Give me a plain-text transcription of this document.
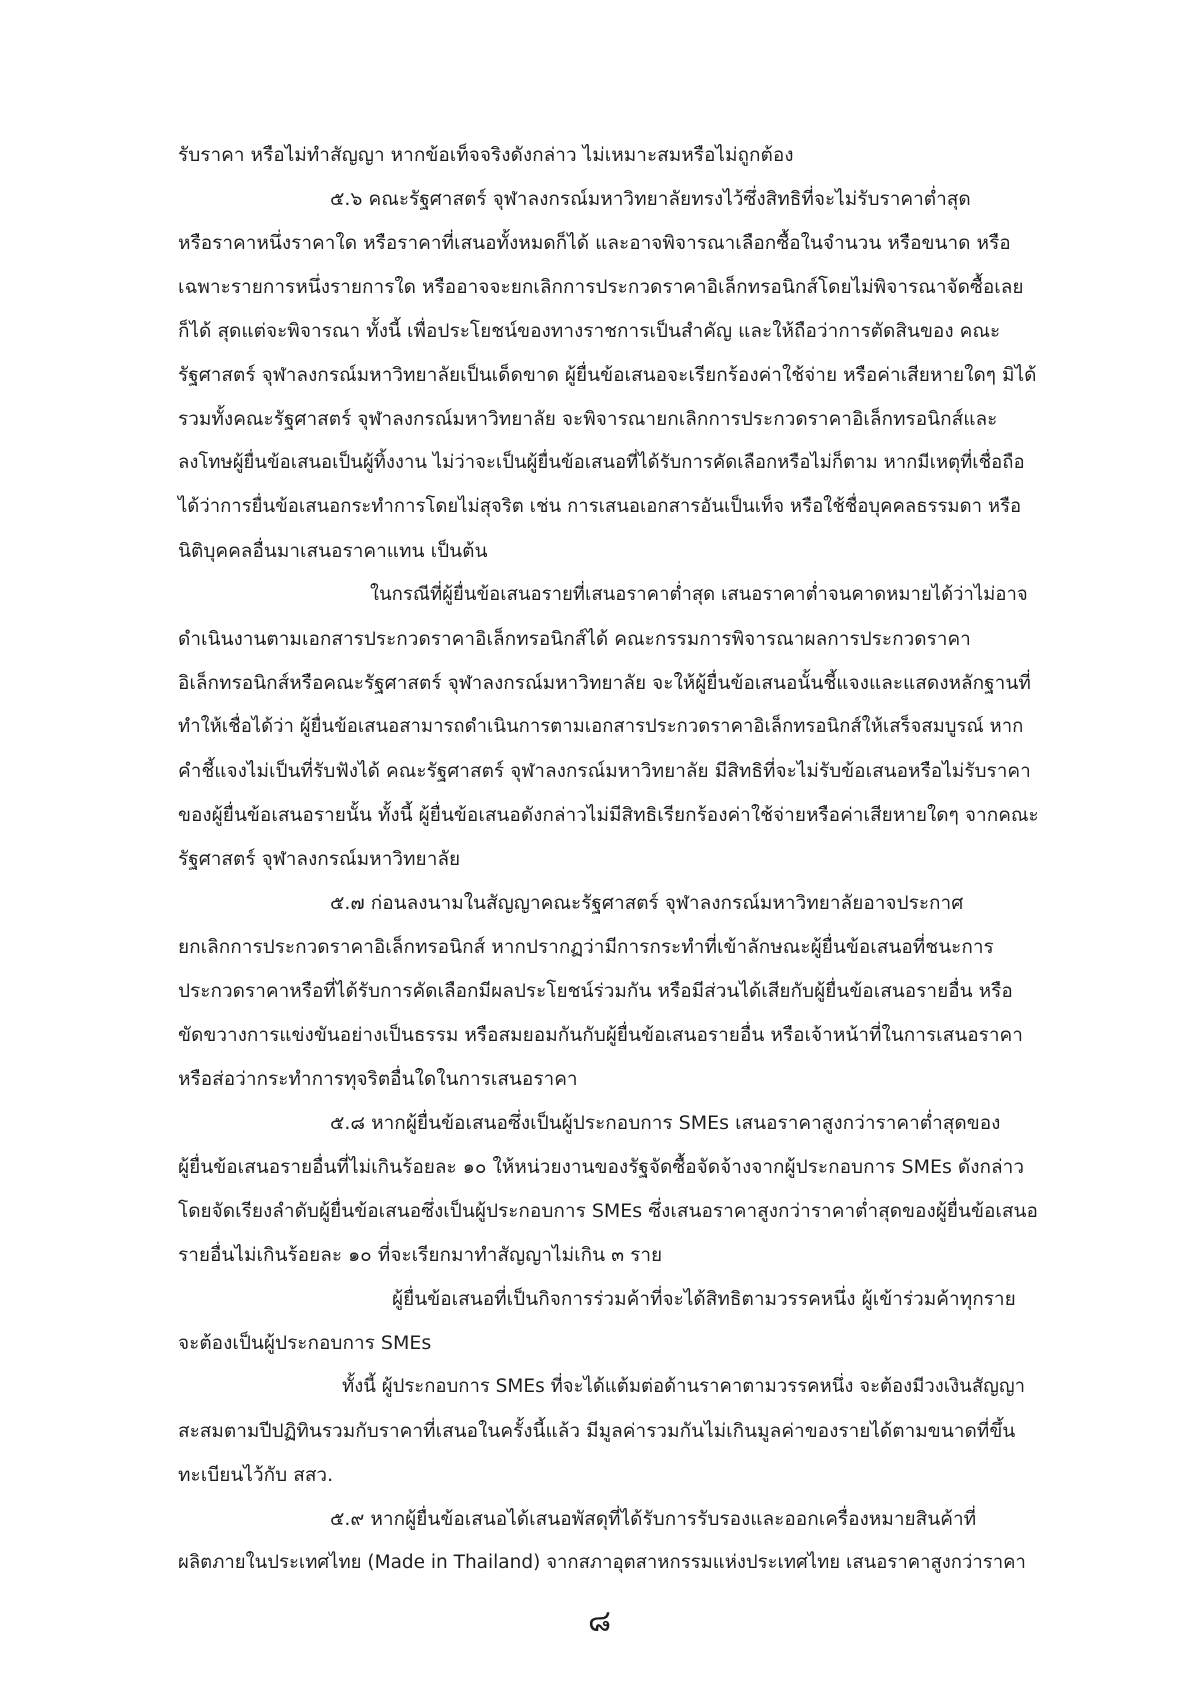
รับราคา หรือไม่ทำสัญญา หากข้อเท็จจริงดังกล่าว ไม่เหมาะสมหรือไม่ถูกต้อง
๕.๖ คณะรัฐศาสตร์ จุฬาลงกรณ์มหาวิทยาลัยทรงไว้ซึ่งสิทธิที่จะไม่รับราคาต่ำสุด
หรือราคาหนึ่งราคาใด หรือราคาที่เสนอทั้งหมดก็ได้ และอาจพิจารณาเลือกซื้อในจำนวน หรือขนาด หรือ
เฉพาะรายการหนึ่งรายการใด หรืออาจจะยกเลิกการประกวดราคาอิเล็กทรอนิกส์โดยไม่พิจารณาจัดซื้อเลย
ก็ได้ สุดแต่จะพิจารณา ทั้งนี้ เพื่อประโยชน์ของทางราชการเป็นสำคัญ และให้ถือว่าการตัดสินของ คณะ
รัฐศาสตร์ จุฬาลงกรณ์มหาวิทยาลัยเป็นเด็ดขาด ผู้ยื่นข้อเสนอจะเรียกร้องค่าใช้จ่าย หรือค่าเสียหายใดๆ มิได้
รวมทั้งคณะรัฐศาสตร์ จุฬาลงกรณ์มหาวิทยาลัย จะพิจารณายกเลิกการประกวดราคาอิเล็กทรอนิกส์และ
ลงโทษผู้ยื่นข้อเสนอเป็นผู้ทิ้งงาน ไม่ว่าจะเป็นผู้ยื่นข้อเสนอที่ได้รับการคัดเลือกหรือไม่ก็ตาม หากมีเหตุที่เชื่อถือ
ได้ว่าการยื่นข้อเสนอกระทำการโดยไม่สุจริต เช่น การเสนอเอกสารอันเป็นเท็จ หรือใช้ชื่อบุคคลธรรมดา หรือ
นิติบุคคลอื่นมาเสนอราคาแทน เป็นต้น
ในกรณีที่ผู้ยื่นข้อเสนอรายที่เสนอราคาต่ำสุด เสนอราคาต่ำจนคาดหมายได้ว่าไม่อาจ
ดำเนินงานตามเอกสารประกวดราคาอิเล็กทรอนิกส์ได้ คณะกรรมการพิจารณาผลการประกวดราคา
อิเล็กทรอนิกส์หรือคณะรัฐศาสตร์ จุฬาลงกรณ์มหาวิทยาลัย จะให้ผู้ยื่นข้อเสนอนั้นชี้แจงและแสดงหลักฐานที่
ทำให้เชื่อได้ว่า ผู้ยื่นข้อเสนอสามารถดำเนินการตามเอกสารประกวดราคาอิเล็กทรอนิกส์ให้เสร็จสมบูรณ์ หาก
คำชี้แจงไม่เป็นที่รับฟังได้ คณะรัฐศาสตร์ จุฬาลงกรณ์มหาวิทยาลัย มีสิทธิที่จะไม่รับข้อเสนอหรือไม่รับราคา
ของผู้ยื่นข้อเสนอรายนั้น ทั้งนี้ ผู้ยื่นข้อเสนอดังกล่าวไม่มีสิทธิเรียกร้องค่าใช้จ่ายหรือค่าเสียหายใดๆ จากคณะ
รัฐศาสตร์ จุฬาลงกรณ์มหาวิทยาลัย
๕.๗ ก่อนลงนามในสัญญาคณะรัฐศาสตร์ จุฬาลงกรณ์มหาวิทยาลัยอาจประกาศ
ยกเลิกการประกวดราคาอิเล็กทรอนิกส์ หากปรากฏว่ามีการกระทำที่เข้าลักษณะผู้ยื่นข้อเสนอที่ชนะการ
ประกวดราคาหรือที่ได้รับการคัดเลือกมีผลประโยชน์ร่วมกัน หรือมีส่วนได้เสียกับผู้ยื่นข้อเสนอรายอื่น หรือ
ขัดขวางการแข่งขันอย่างเป็นธรรม หรือสมยอมกันกับผู้ยื่นข้อเสนอรายอื่น หรือเจ้าหน้าที่ในการเสนอราคา
หรือส่อว่ากระทำการทุจริตอื่นใดในการเสนอราคา
๕.๘ หากผู้ยื่นข้อเสนอซึ่งเป็นผู้ประกอบการ SMEs เสนอราคาสูงกว่าราคาต่ำสุดของ
ผู้ยื่นข้อเสนอรายอื่นที่ไม่เกินร้อยละ ๑๐ ให้หน่วยงานของรัฐจัดซื้อจัดจ้างจากผู้ประกอบการ SMEs ดังกล่าว
โดยจัดเรียงลำดับผู้ยื่นข้อเสนอซึ่งเป็นผู้ประกอบการ SMEs ซึ่งเสนอราคาสูงกว่าราคาต่ำสุดของผู้ยื่นข้อเสนอ
รายอื่นไม่เกินร้อยละ ๑๐ ที่จะเรียกมาทำสัญญาไม่เกิน ๓ ราย
ผู้ยื่นข้อเสนอที่เป็นกิจการร่วมค้าที่จะได้สิทธิตามวรรคหนึ่ง ผู้เข้าร่วมค้าทุกราย
จะต้องเป็นผู้ประกอบการ SMEs
ทั้งนี้ ผู้ประกอบการ SMEs ที่จะได้แต้มต่อด้านราคาตามวรรคหนึ่ง จะต้องมีวงเงินสัญญา
สะสมตามปีปฏิทินรวมกับราคาที่เสนอในครั้งนี้แล้ว มีมูลค่ารวมกันไม่เกินมูลค่าของรายได้ตามขนาดที่ขึ้น
ทะเบียนไว้กับ สสว.
๕.๙ หากผู้ยื่นข้อเสนอได้เสนอพัสดุที่ได้รับการรับรองและออกเครื่องหมายสินค้าที่
ผลิตภายในประเทศไทย (Made in Thailand) จากสภาอุตสาหกรรมแห่งประเทศไทย เสนอราคาสูงกว่าราคา
๘
